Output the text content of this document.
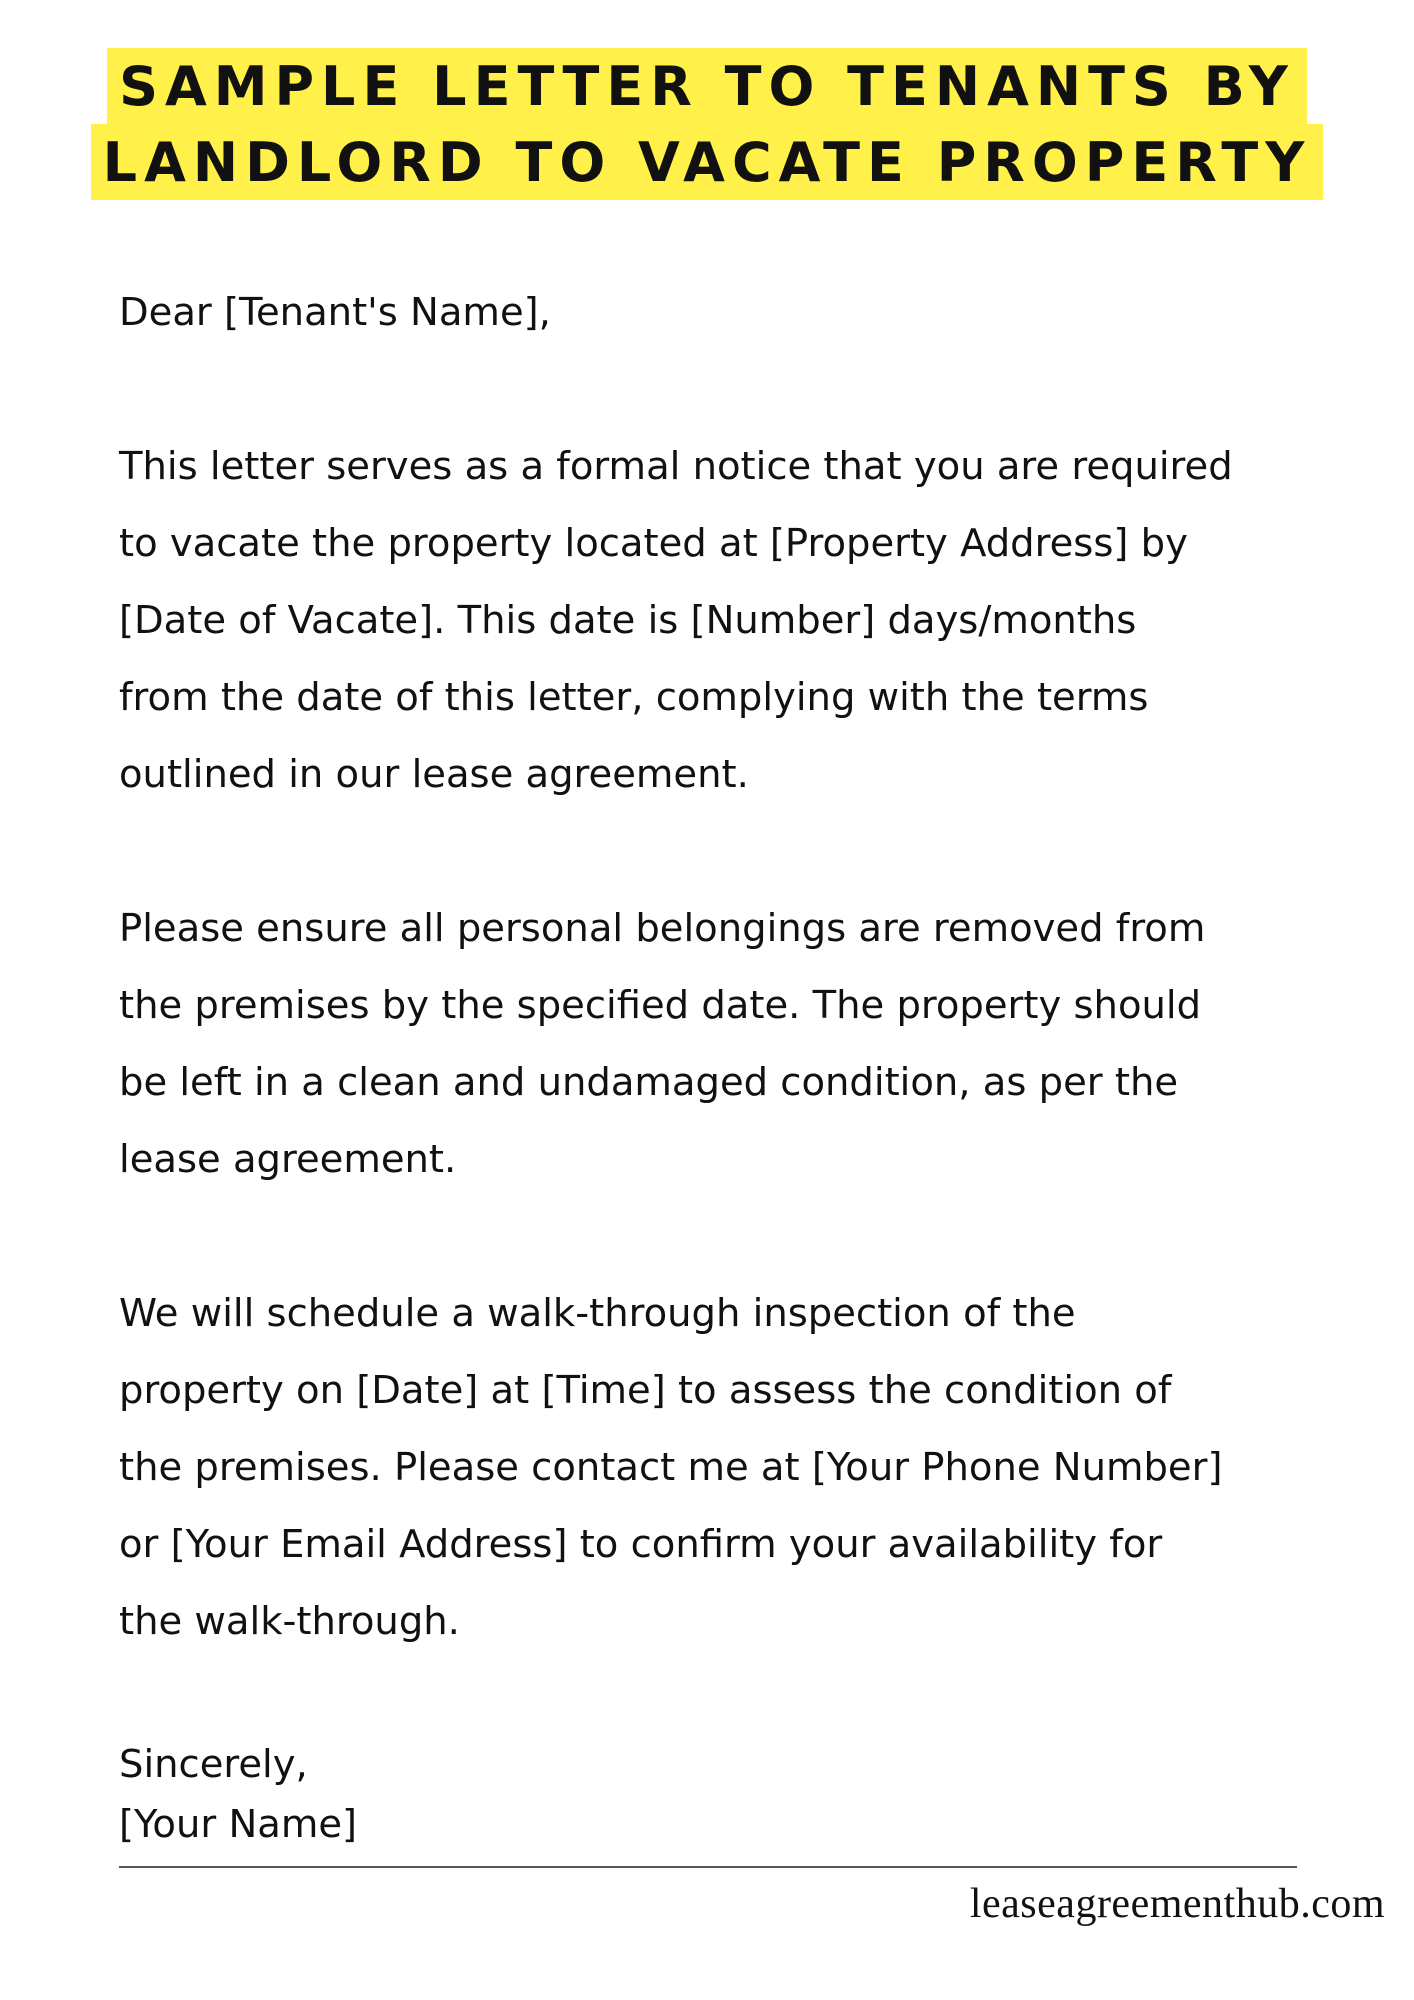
SAMPLE LETTER TO TENANTS BY
LANDLORD TO VACATE PROPERTY
Dear [Tenant's Name],
This letter serves as a formal notice that you are required
to vacate the property located at [Property Address] by
[Date of Vacate]. This date is [Number] days/months
from the date of this letter, complying with the terms
outlined in our lease agreement.
Please ensure all personal belongings are removed from
the premises by the specified date. The property should
be left in a clean and undamaged condition, as per the
lease agreement.
We will schedule a walk-through inspection of the
property on [Date] at [Time] to assess the condition of
the premises. Please contact me at [Your Phone Number]
or [Your Email Address] to confirm your availability for
the walk-through.
Sincerely,
[Your Name]
leaseagreementhub.com
